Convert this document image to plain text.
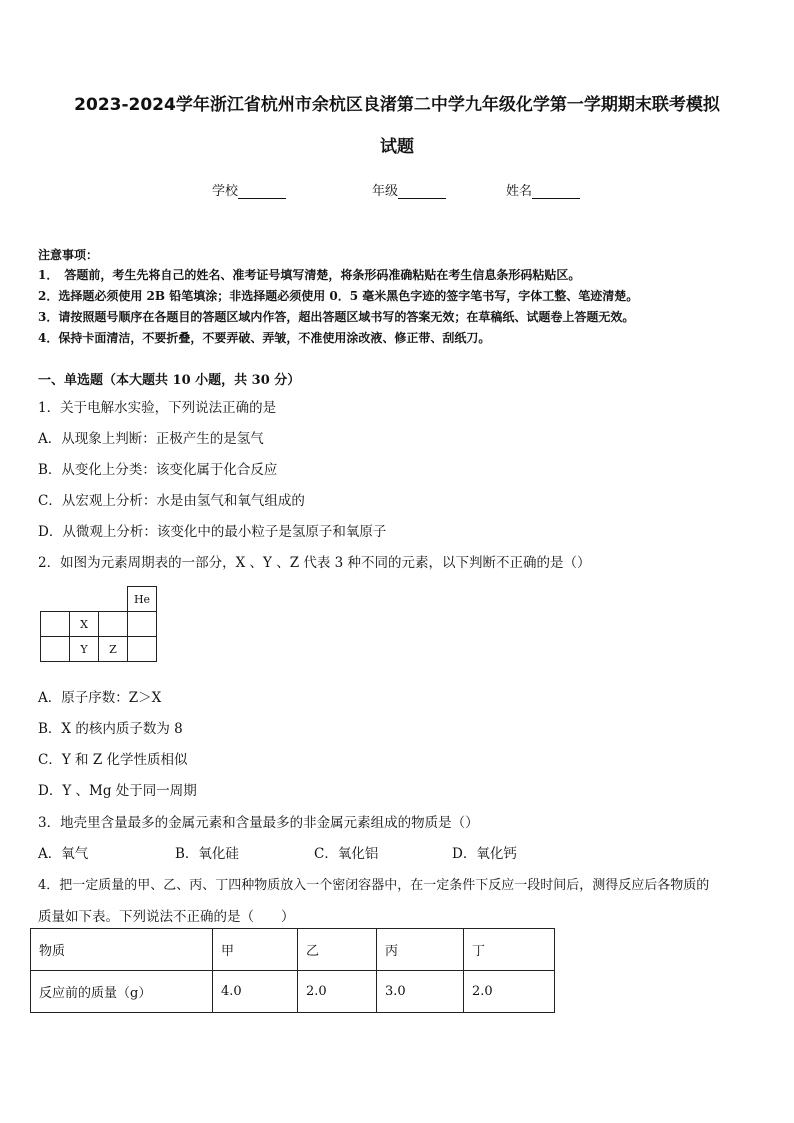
2023-2024学年浙江省杭州市余杭区良渚第二中学九年级化学第一学期期末联考模拟
试题
学校	年级	姓名
注意事项：
1．　答题前，考生先将自己的姓名、准考证号填写清楚，将条形码准确粘贴在考生信息条形码粘贴区。
2．选择题必须使用 2B 铅笔填涂；非选择题必须使用 0．5 毫米黑色字迹的签字笔书写，字体工整、笔迹清楚。
3．请按照题号顺序在各题目的答题区域内作答，超出答题区域书写的答案无效；在草稿纸、试题卷上答题无效。
4．保持卡面清洁，不要折叠，不要弄破、弄皱，不准使用涂改液、修正带、刮纸刀。
一、单选题（本大题共 10 小题，共 30 分）
1．关于电解水实验，下列说法正确的是
A．从现象上判断：正极产生的是氢气
B．从变化上分类：该变化属于化合反应
C．从宏观上分析：水是由氢气和氧气组成的
D．从微观上分析：该变化中的最小粒子是氢原子和氧原子
2．如图为元素周期表的一部分，X 、Y 、Z 代表 3 种不同的元素，以下判断不正确的是（）
			He
	X		
	Y	Z	
A．原子序数：Z＞X
B．X 的核内质子数为 8
C．Y 和 Z 化学性质相似
D．Y 、Mg 处于同一周期
3．地壳里含量最多的金属元素和含量最多的非金属元素组成的物质是（）
A．氧气	B．氧化硅	C．氧化铝	D．氧化钙
4．把一定质量的甲、乙、丙、丁四种物质放入一个密闭容器中，在一定条件下反应一段时间后，测得反应后各物质的
质量如下表。下列说法不正确的是（　　）
物质	甲	乙	丙	丁
反应前的质量（g）	4.0	2.0	3.0	2.0
